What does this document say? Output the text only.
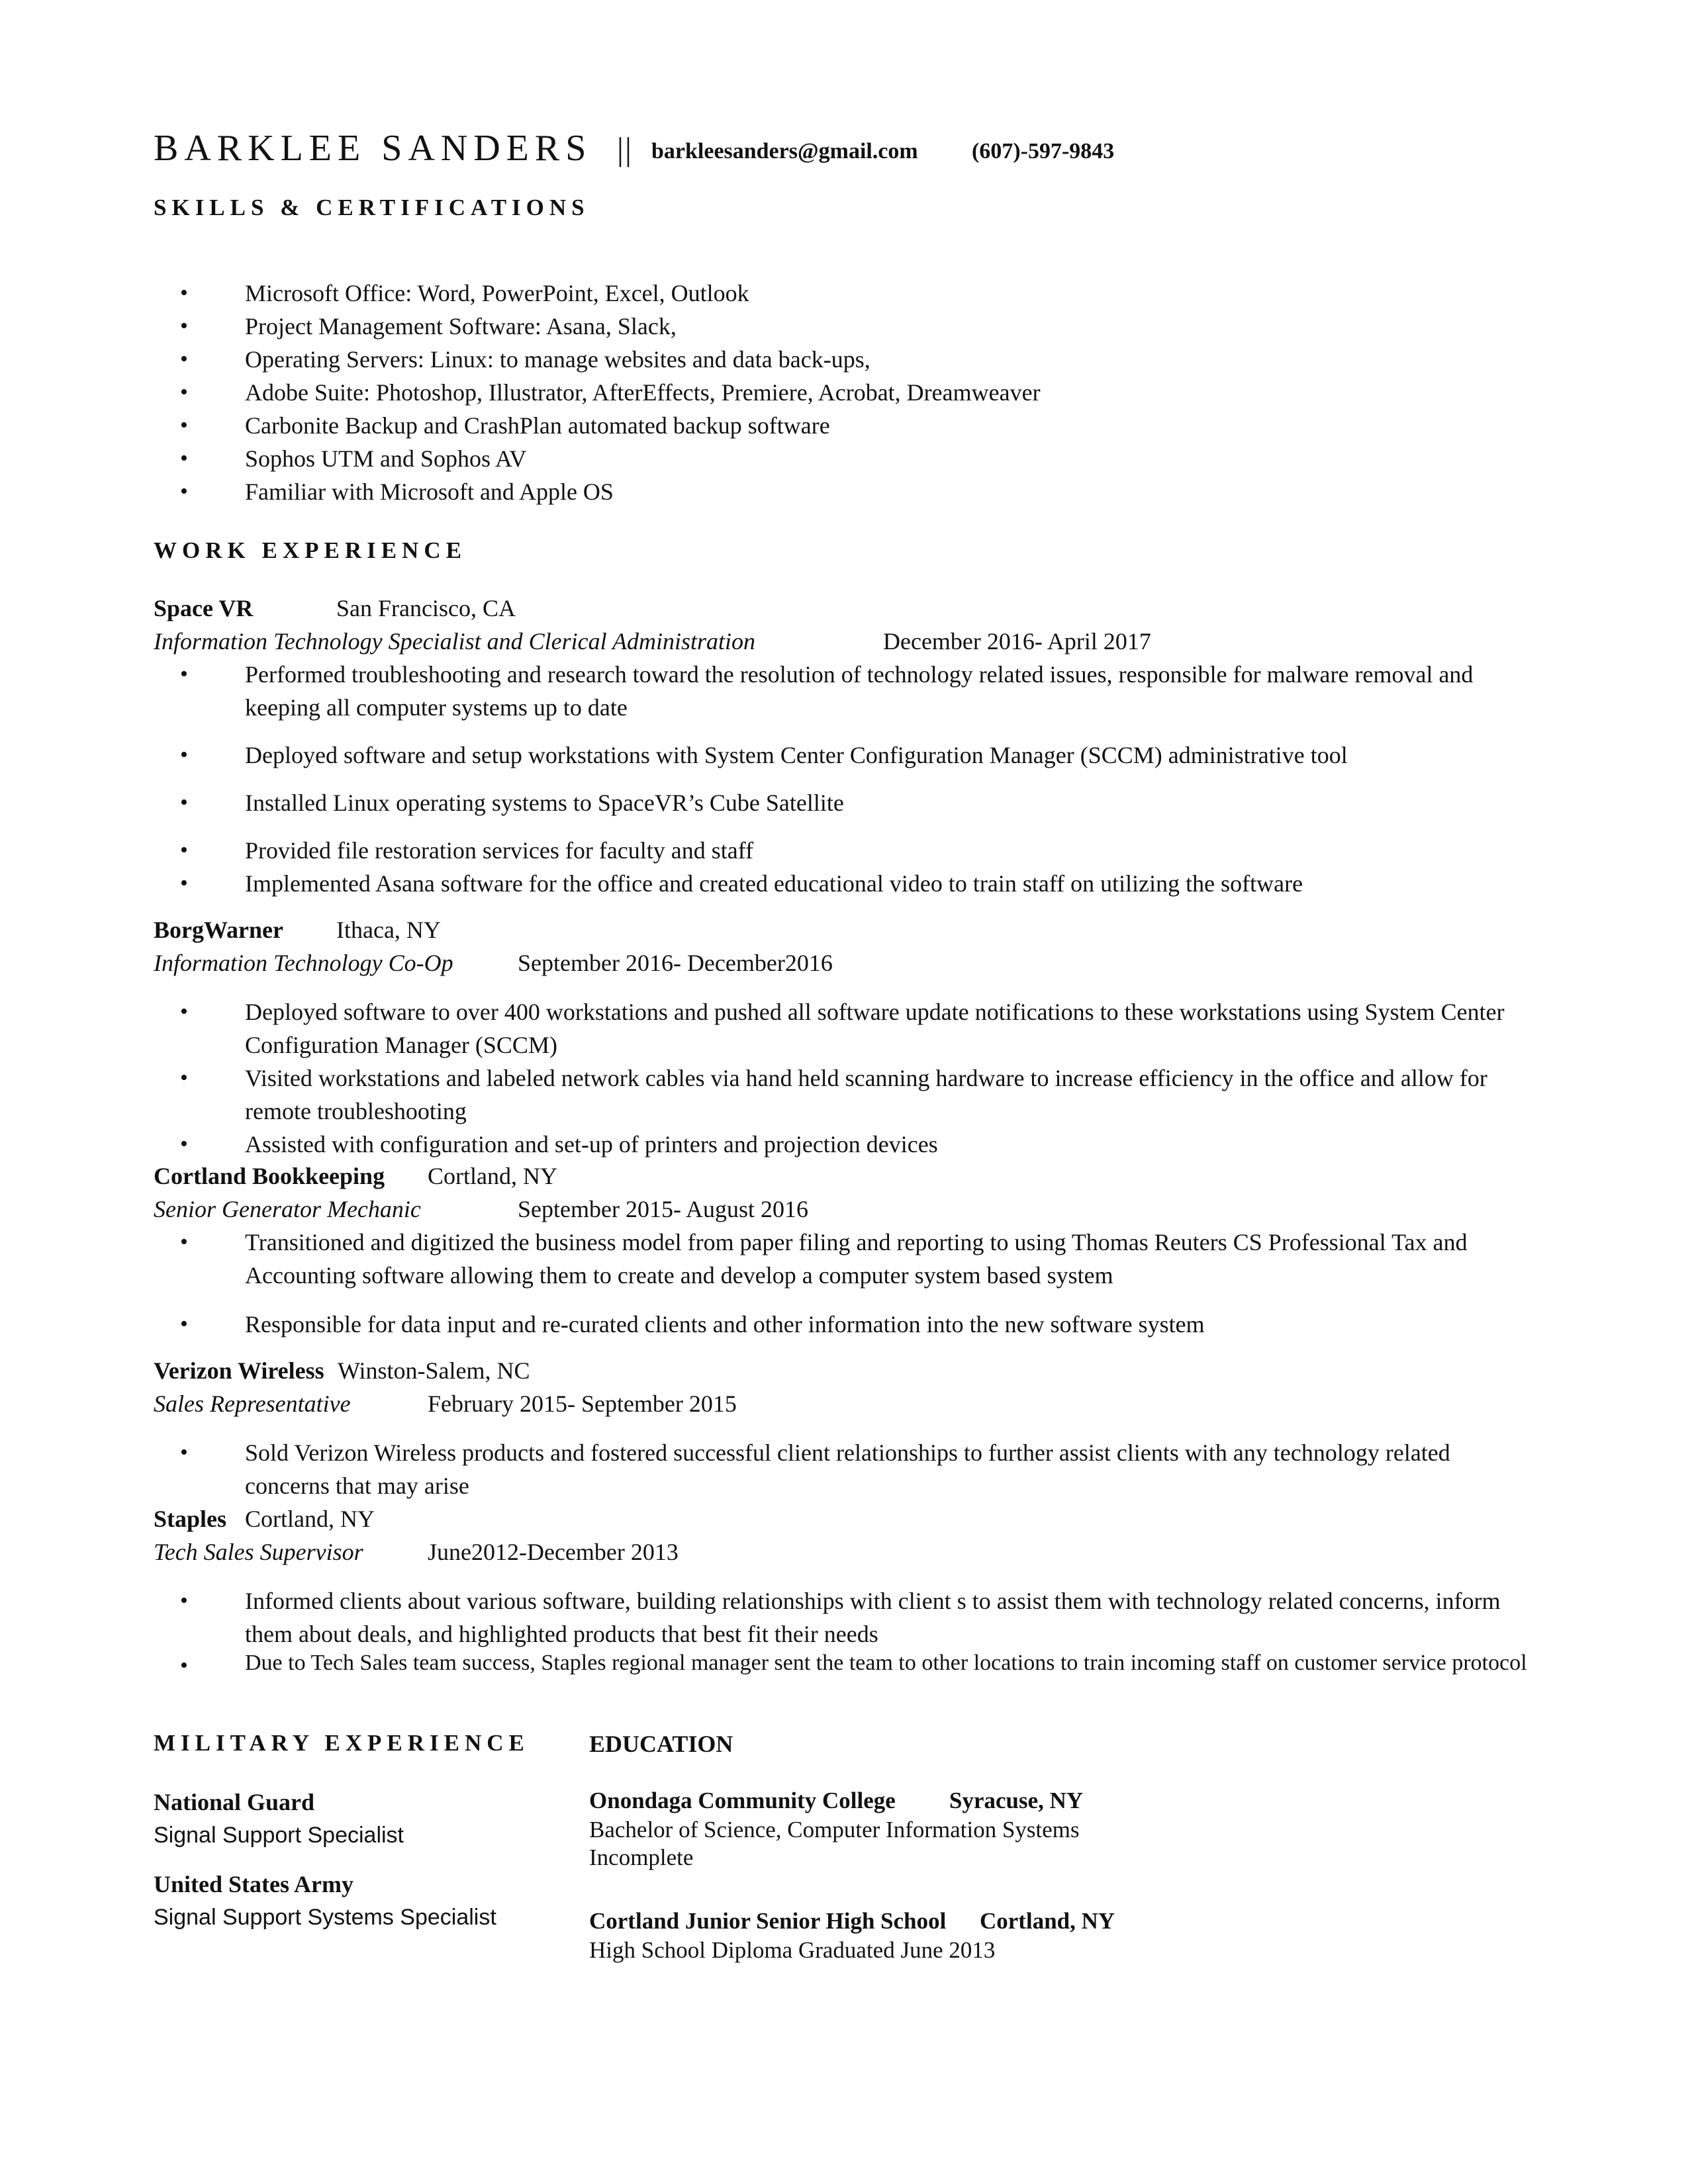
BARKLEE SANDERS || barkleesanders@gmail.com (607)-597-9843
SKILLS & CERTIFICATIONS
• Microsoft Office: Word, PowerPoint, Excel, Outlook
• Project Management Software: Asana, Slack,
• Operating Servers: Linux: to manage websites and data back-ups,
• Adobe Suite: Photoshop, Illustrator, AfterEffects, Premiere, Acrobat, Dreamweaver
• Carbonite Backup and CrashPlan automated backup software
• Sophos UTM and Sophos AV
• Familiar with Microsoft and Apple OS
WORK EXPERIENCE
Space VR	San Francisco, CA
Information Technology Specialist and Clerical Administration	December 2016- April 2017
• Performed troubleshooting and research toward the resolution of technology related issues, responsible for malware removal and keeping all computer systems up to date
• Deployed software and setup workstations with System Center Configuration Manager (SCCM) administrative tool
• Installed Linux operating systems to SpaceVR’s Cube Satellite
• Provided file restoration services for faculty and staff
• Implemented Asana software for the office and created educational video to train staff on utilizing the software
BorgWarner Ithaca, NY
Information Technology Co-Op	September 2016- December2016
• Deployed software to over 400 workstations and pushed all software update notifications to these workstations using System Center Configuration Manager (SCCM)
• Visited workstations and labeled network cables via hand held scanning hardware to increase efficiency in the office and allow for remote troubleshooting
• Assisted with configuration and set-up of printers and projection devices
Cortland Bookkeeping Cortland, NY
Senior Generator Mechanic	September 2015- August 2016
• Transitioned and digitized the business model from paper filing and reporting to using Thomas Reuters CS Professional Tax and Accounting software allowing them to create and develop a computer system based system
• Responsible for data input and re-curated clients and other information into the new software system
Verizon Wireless Winston-Salem, NC
Sales Representative	February 2015- September 2015
• Sold Verizon Wireless products and fostered successful client relationships to further assist clients with any technology related concerns that may arise
Staples Cortland, NY
Tech Sales Supervisor	June2012-December 2013
• Informed clients about various software, building relationships with client s to assist them with technology related concerns, inform them about deals, and highlighted products that best fit their needs
•	Due to Tech Sales team success, Staples regional manager sent the team to other locations to train incoming staff on customer service protocol
MILITARY EXPERIENCE
National Guard
Signal Support Specialist
United States Army
Signal Support Systems Specialist
EDUCATION
Onondaga Community College Syracuse, NY
Bachelor of Science, Computer Information Systems
Incomplete
Cortland Junior Senior High School Cortland, NY
High School Diploma Graduated June 2013
